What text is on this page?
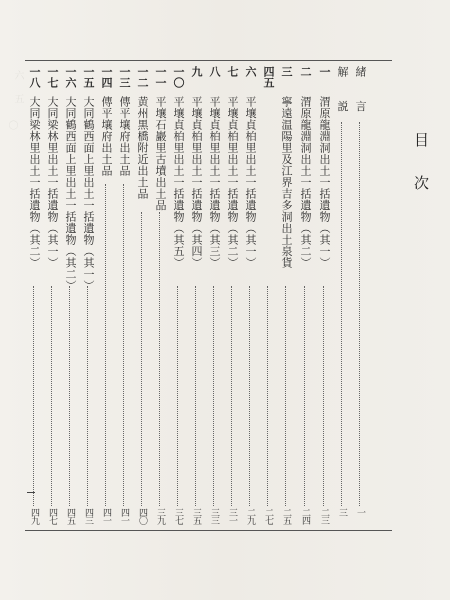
六   五
〇
目次
緒　　言
一
解　　説
三
一
渭原龍淵洞出土一括遺物（其一）
二三
二
渭原龍淵洞出土一括遺物（其二）
二四
三
寧遠温陽里及江界吉多洞出土泉貨
二五
四五
二七
六
平壤貞柏里出土一括遺物（其一）
二九
七
平壤貞柏里出土一括遺物（其二）
三一
八
平壤貞柏里出土一括遺物（其三）
三三
九
平壤貞柏里出土一括遺物（其四）
三五
一〇
平壤貞柏里出土一括遺物（其五）
三七
一一
平壤石巖里古墳出土品
三九
一二
黄州黒橋附近出土品
四〇
一三
傳平壤府出土品
四一
一四
傳平壤府出土品
四一
一五
大同鶴西面上里出土一括遺物（其一）
四三
一六
大同鶴西面上里出土一括遺物（其二）
四五
一七
大同梁林里出土一括遺物（其一）
四七
一八
大同梁林里出土一括遺物（其二）
四九
